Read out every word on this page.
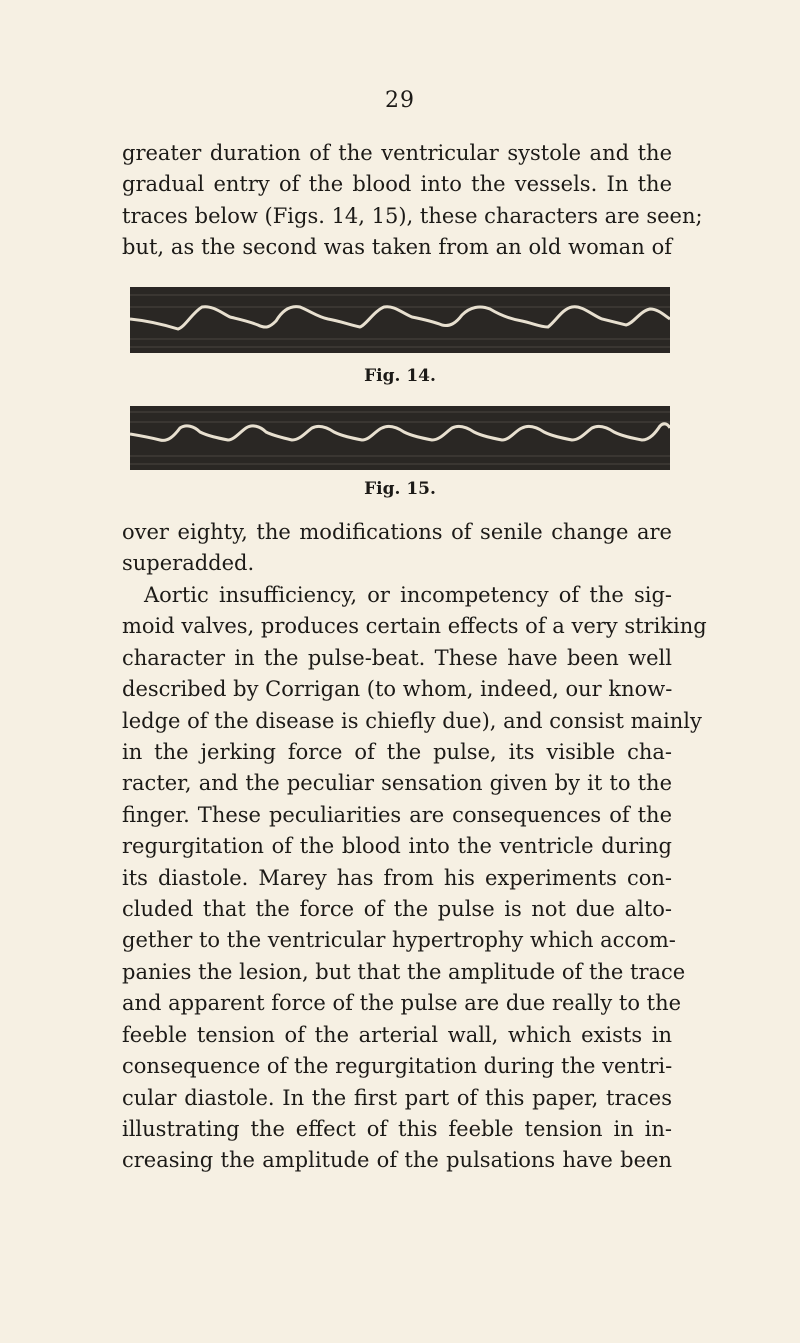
29
greater duration of the ventricular systole and the
gradual entry of the blood into the vessels. In the
traces below (Figs. 14, 15), these characters are seen;
but, as the second was taken from an old woman of
Fig. 14.
Fig. 15.
over eighty, the modifications of senile change are
superadded.
Aortic insufficiency, or incompetency of the sig-
moid valves, produces certain effects of a very striking
character in the pulse-beat. These have been well
described by Corrigan (to whom, indeed, our know-
ledge of the disease is chiefly due), and consist mainly
in the jerking force of the pulse, its visible cha-
racter, and the peculiar sensation given by it to the
finger. These peculiarities are consequences of the
regurgitation of the blood into the ventricle during
its diastole. Marey has from his experiments con-
cluded that the force of the pulse is not due alto-
gether to the ventricular hypertrophy which accom-
panies the lesion, but that the amplitude of the trace
and apparent force of the pulse are due really to the
feeble tension of the arterial wall, which exists in
consequence of the regurgitation during the ventri-
cular diastole. In the first part of this paper, traces
illustrating the effect of this feeble tension in in-
creasing the amplitude of the pulsations have been
